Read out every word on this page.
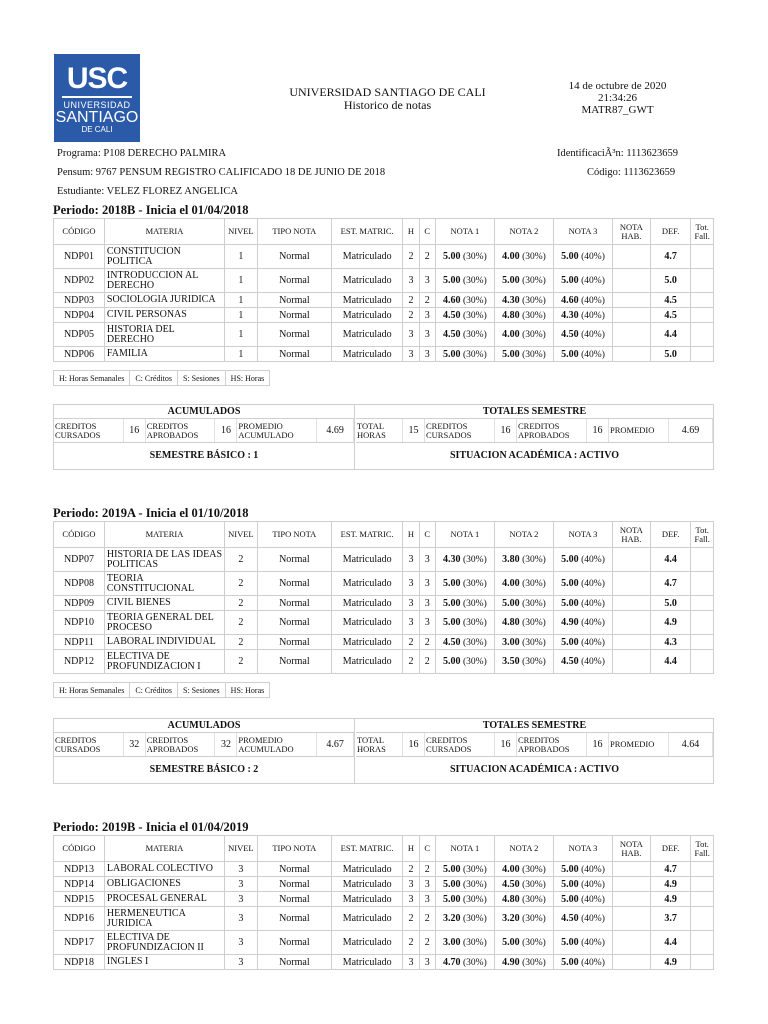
USC
UNIVERSIDAD
SANTIAGO
DE CALI
UNIVERSIDAD SANTIAGO DE CALI
Historico de notas
14 de octubre de 2020
21:34:26
MATR87_GWT
Programa: P108 DERECHO PALMIRA
Pensum: 9767 PENSUM REGISTRO CALIFICADO 18 DE JUNIO DE 2018
Estudiante: VELEZ FLOREZ ANGELICA
IdentificaciÃ³n: 1113623659
Código: 1113623659
Periodo: 2018B - Inicia el 01/04/2018
CÓDIGO	MATERIA	NIVEL	TIPO NOTA	EST. MATRIC.	H	C	NOTA 1	NOTA 2	NOTA 3	NOTA HAB.	DEF.	Tot. Fall.
NDP01	CONSTITUCION POLITICA	1	Normal	Matriculado	2	2	5.00 (30%)	4.00 (30%)	5.00 (40%)		4.7	
NDP02	INTRODUCCION AL DERECHO	1	Normal	Matriculado	3	3	5.00 (30%)	5.00 (30%)	5.00 (40%)		5.0	
NDP03	SOCIOLOGIA JURIDICA	1	Normal	Matriculado	2	2	4.60 (30%)	4.30 (30%)	4.60 (40%)		4.5	
NDP04	CIVIL PERSONAS	1	Normal	Matriculado	2	3	4.50 (30%)	4.80 (30%)	4.30 (40%)		4.5	
NDP05	HISTORIA DEL DERECHO	1	Normal	Matriculado	3	3	4.50 (30%)	4.00 (30%)	4.50 (40%)		4.4	
NDP06	FAMILIA	1	Normal	Matriculado	3	3	5.00 (30%)	5.00 (30%)	5.00 (40%)		5.0	
H: Horas Semanales	C: Créditos	S: Sesiones	HS: Horas
ACUMULADOS
CREDITOS CURSADOS	16 CREDITOS APROBADOS	16 PROMEDIO ACUMULADO	4.69
SEMESTRE BÁSICO : 1
TOTALES SEMESTRE
TOTAL HORAS	15 CREDITOS CURSADOS	16 CREDITOS APROBADOS	16 PROMEDIO	4.69
SITUACION ACADÉMICA : ACTIVO
Periodo: 2019A - Inicia el 01/10/2018
CÓDIGO	MATERIA	NIVEL	TIPO NOTA	EST. MATRIC.	H	C	NOTA 1	NOTA 2	NOTA 3	NOTA HAB.	DEF.	Tot. Fall.
NDP07	HISTORIA DE LAS IDEAS POLITICAS	2	Normal	Matriculado	3	3	4.30 (30%)	3.80 (30%)	5.00 (40%)		4.4	
NDP08	TEORIA CONSTITUCIONAL	2	Normal	Matriculado	3	3	5.00 (30%)	4.00 (30%)	5.00 (40%)		4.7	
NDP09	CIVIL BIENES	2	Normal	Matriculado	3	3	5.00 (30%)	5.00 (30%)	5.00 (40%)		5.0	
NDP10	TEORIA GENERAL DEL PROCESO	2	Normal	Matriculado	3	3	5.00 (30%)	4.80 (30%)	4.90 (40%)		4.9	
NDP11	LABORAL INDIVIDUAL	2	Normal	Matriculado	2	2	4.50 (30%)	3.00 (30%)	5.00 (40%)		4.3	
NDP12	ELECTIVA DE PROFUNDIZACION I	2	Normal	Matriculado	2	2	5.00 (30%)	3.50 (30%)	4.50 (40%)		4.4	
H: Horas Semanales	C: Créditos	S: Sesiones	HS: Horas
ACUMULADOS
CREDITOS CURSADOS	32 CREDITOS APROBADOS	32 PROMEDIO ACUMULADO	4.67
SEMESTRE BÁSICO : 2
TOTALES SEMESTRE
TOTAL HORAS	16 CREDITOS CURSADOS	16 CREDITOS APROBADOS	16 PROMEDIO	4.64
SITUACION ACADÉMICA : ACTIVO
Periodo: 2019B - Inicia el 01/04/2019
CÓDIGO	MATERIA	NIVEL	TIPO NOTA	EST. MATRIC.	H	C	NOTA 1	NOTA 2	NOTA 3	NOTA HAB.	DEF.	Tot. Fall.
NDP13	LABORAL COLECTIVO	3	Normal	Matriculado	2	2	5.00 (30%)	4.00 (30%)	5.00 (40%)		4.7	
NDP14	OBLIGACIONES	3	Normal	Matriculado	3	3	5.00 (30%)	4.50 (30%)	5.00 (40%)		4.9	
NDP15	PROCESAL GENERAL	3	Normal	Matriculado	3	3	5.00 (30%)	4.80 (30%)	5.00 (40%)		4.9	
NDP16	HERMENEUTICA JURIDICA	3	Normal	Matriculado	2	2	3.20 (30%)	3.20 (30%)	4.50 (40%)		3.7	
NDP17	ELECTIVA DE PROFUNDIZACION II	3	Normal	Matriculado	2	2	3.00 (30%)	5.00 (30%)	5.00 (40%)		4.4	
NDP18	INGLES I	3	Normal	Matriculado	3	3	4.70 (30%)	4.90 (30%)	5.00 (40%)		4.9	
